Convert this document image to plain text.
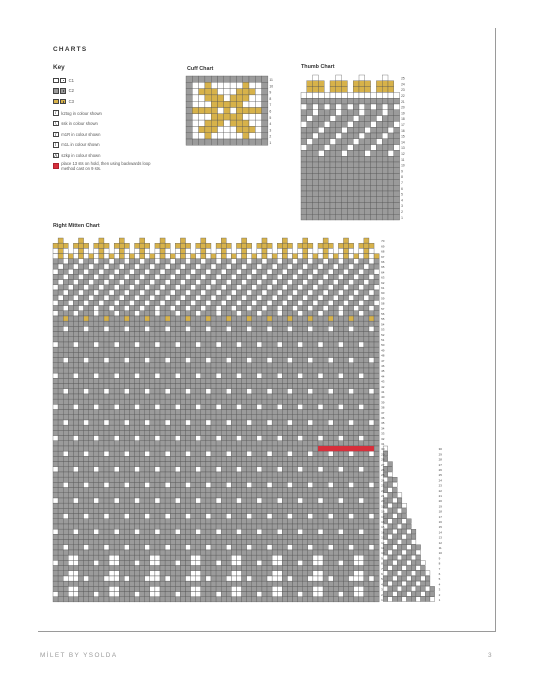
CHARTS
Key
C1
C2
C3
/	k2tog in colour shown
\	ssk in colour shown
r	m1R in colour shown
l	m1L in colour shown
Λ s2kp in colour shown
place 13 sts on hold, then using backwards loop method cast on 9 sts.
Cuff Chart
11
10
9
8
7
6
5
4
3
2
1
Thumb Chart
25
24
23
22
21
20
19
18
17
16
15
14
13
12
11
10
9
8
7
6
5
4
3
2
1
Right Mitten Chart
70
69
68
67
66
65
64
63
62
61
60
59
58
57
56
55
54
53
52
51
50
49
48
47
46
45
44
43
42
41
40
39
38
37
36
35
34
33
32
31
30
29
28
27
26
25
24
23
22
21
20
19
18
17
16
15
14
13
12
11
10
9
8
7
6
5
4
3
2
1
30
29
28
27
26
25
24
23
22
21
20
19
18
17
16
15
14
13
12
11
10
9
8
7
6
5
4
3
2
1
MİLET BY YSOLDA	3
